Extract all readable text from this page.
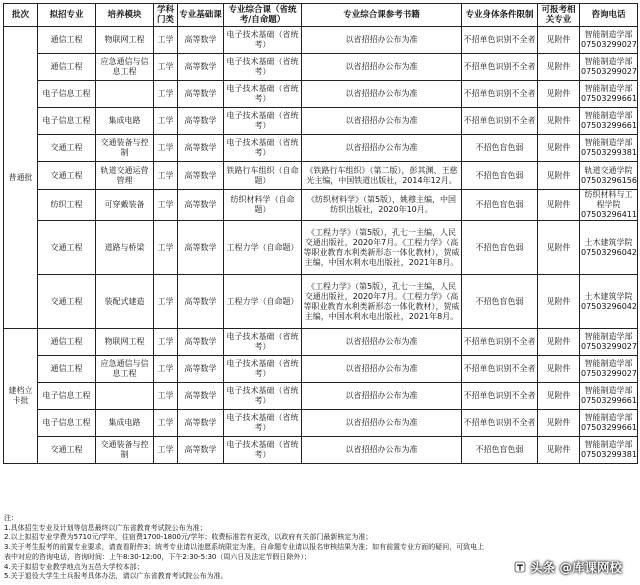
批次	拟招专业	培养模块	学科门类	专业基础课	专业综合课（省统考/自命题）	专业综合课参考书籍	专业身体条件限制	可报考相关专业	咨询电话
普通批	通信工程	物联网工程	工学	高等数学	电子技术基础（省统考）	以省招招办公布为准	不招单色识别不全者	见附件	智能制造学部07503299027
	通信工程	应急通信与信息工程	工学	高等数学	电子技术基础（省统考）	以省招招办公布为准	不招单色识别不全者	见附件	智能制造学部07503299027
	电子信息工程		工学	高等数学	电子技术基础（省统考）	以省招招办公布为准	不招单色识别不全者	见附件	智能制造学部07503299661
	电子信息工程	集成电路	工学	高等数学	电子技术基础（省统考）	以省招招办公布为准	不招单色识别不全者	见附件	智能制造学部07503299661
	交通工程	交通装备与控制	工学	高等数学	电子技术基础（省统考）	以省招招办公布为准	不招色盲色弱	见附件	智能制造学部07503299381
	交通工程	轨道交通运营管理	工学	高等数学	铁路行车组织（自命题）	《铁路行车组织》（第二版），彭其渊、王慈光主编，中国铁道出版社，2014年12月。	不招色盲色弱	见附件	轨道交通学院07503296156
	纺织工程	可穿戴装备	工学	高等数学	纺织材料学（自命题）	《纺织材料学》（第5版），姚穆主编，中国纺织出版社，2020年10月。	不招色盲色弱	见附件	纺织材料与工程学院07503296411
	交通工程	道路与桥梁	工学	高等数学	工程力学（自命题）	《工程力学》（第5版），孔七一主编，人民交通出版社，2020年7月。《工程力学》（高等职业教育水利类新形态一体化教材），贺威主编，中国水利水电出版社，2021年8月。	不招色盲色弱	见附件	土木建筑学院07503296042
	交通工程	装配式建造	工学	高等数学	工程力学（自命题）	《工程力学》（第5版），孔七一主编，人民交通出版社，2020年7月。《工程力学》（高等职业教育水利类新形态一体化教材），贺威主编，中国水利水电出版社，2021年8月。	不招色盲色弱	见附件	土木建筑学院07503296042
建档立卡批	通信工程	物联网工程	工学	高等数学	电子技术基础（省统考）	以省招招办公布为准	不招单色识别不全者	见附件	智能制造学部07503299027
	通信工程	应急通信与信息工程	工学	高等数学	电子技术基础（省统考）	以省招招办公布为准	不招单色识别不全者	见附件	智能制造学部07503299027
	电子信息工程		工学	高等数学	电子技术基础（省统考）	以省招招办公布为准	不招单色识别不全者	见附件	智能制造学部07503299661
	电子信息工程	集成电路	工学	高等数学	电子技术基础（省统考）	以省招招办公布为准	不招单色识别不全者	见附件	智能制造学部07503299661
	交通工程	交通装备与控制	工学	高等数学	电子技术基础（省统考）	以省招招办公布为准	不招色盲色弱	见附件	智能制造学部07503299381
注：
1.具体招生专业及计划等信息最终以广东省教育考试院公布为准；
2.以上拟招专业学费为5710元/学年，住宿费1700-1800元/学年；收费标准若有更改，以政府有关部门最新核定为准；
3.关于考生报考的前置专业要求，请查看附件3；统考专业请以池愿系统限定为准，自命题专业请以报名审核结果为准；如有前置专业方面的疑问，可致电上
表中对应的咨询电话，咨询时间：上午8:30-12:00，下午2:30-5:30（周六日及法定节假日除外）；
4.关于拟招专业教学地点为五邑大学校本部；
5.关于退役大学生士兵报考具体办法，请以广东省教育考试院公布为准。
头条 @库课网校
